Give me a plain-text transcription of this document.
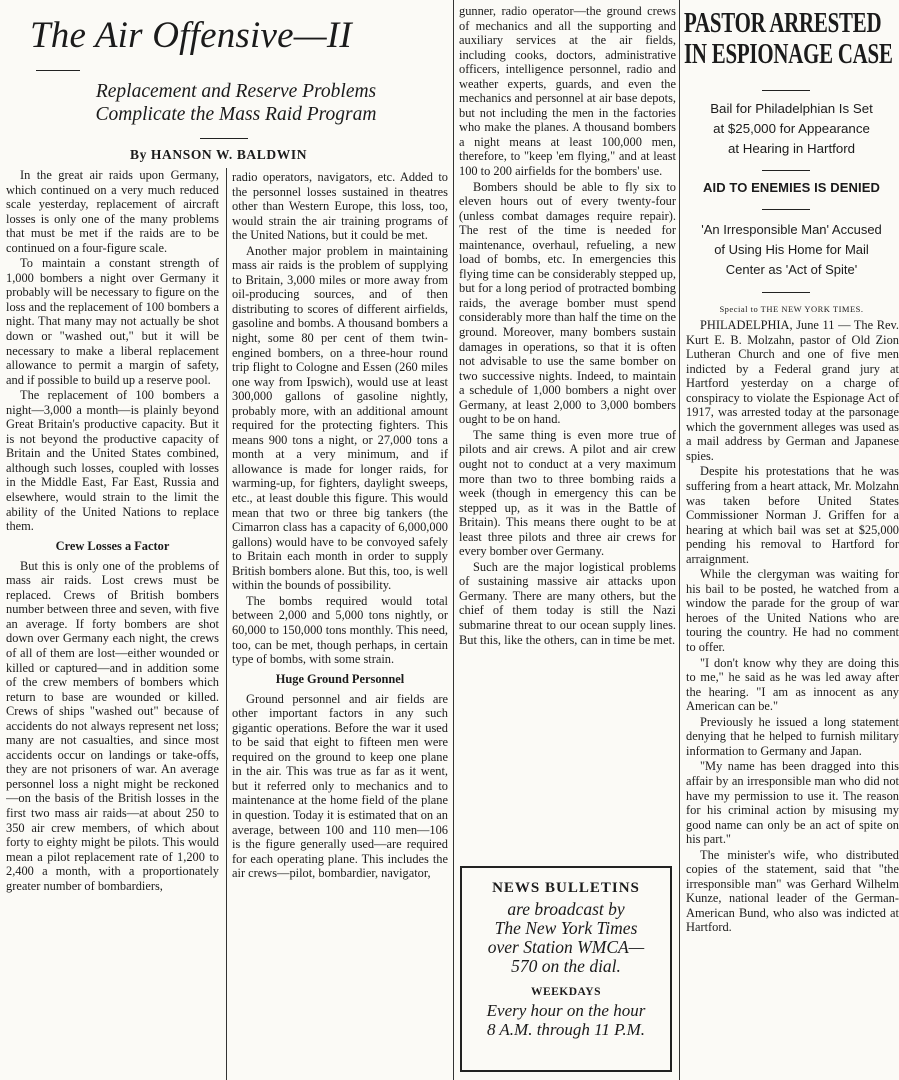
The Air Offensive—II
Replacement and Reserve Problems
Complicate the Mass Raid Program
By HANSON W. BALDWIN

In the great air raids upon Germany, which continued on a very much reduced scale yesterday, replacement of aircraft losses is only one of the many problems that must be met if the raids are to be continued on a four-figure scale.

To maintain a constant strength of 1,000 bombers a night over Germany it probably will be necessary to figure on the loss and the replacement of 100 bombers a night. That many may not actually be shot down or "washed out," but it will be necessary to make a liberal replacement allowance to permit a margin of safety, and if possible to build up a reserve pool.

The replacement of 100 bombers a night—3,000 a month—is plainly beyond Great Britain's productive capacity. But it is not beyond the productive capacity of Britain and the United States combined, although such losses, coupled with losses in the Middle East, Far East, Russia and elsewhere, would strain to the limit the ability of the United Nations to replace them.

Crew Losses a Factor

But this is only one of the problems of mass air raids. Lost crews must be replaced. Crews of British bombers number between three and seven, with five an average. If forty bombers are shot down over Germany each night, the crews of all of them are lost—either wounded or killed or captured—and in addition some of the crew members of bombers which return to base are wounded or killed. Crews of ships "washed out" because of accidents do not always represent net loss; many are not casualties, and since most accidents occur on landings or take-offs, they are not prisoners of war. An average personnel loss a night might be reckoned—on the basis of the British losses in the first two mass air raids—at about 250 to 350 air crew members, of which about forty to eighty might be pilots. This would mean a pilot replacement rate of 1,200 to 2,400 a month, with a proportionately greater number of bombardiers,

radio operators, navigators, etc. Added to the personnel losses sustained in theatres other than Western Europe, this loss, too, would strain the air training programs of the United Nations, but it could be met.

Another major problem in maintaining mass air raids is the problem of supplying to Britain, 3,000 miles or more away from oil-producing sources, and of then distributing to scores of different airfields, gasoline and bombs. A thousand bombers a night, some 80 per cent of them twin-engined bombers, on a three-hour round trip flight to Cologne and Essen (260 miles one way from Ipswich), would use at least 300,000 gallons of gasoline nightly, probably more, with an additional amount required for the protecting fighters. This means 900 tons a night, or 27,000 tons a month at a very minimum, and if allowance is made for longer raids, for warming-up, for fighters, daylight sweeps, etc., at least double this figure. This would mean that two or three big tankers (the Cimarron class has a capacity of 6,000,000 gallons) would have to be convoyed safely to Britain each month in order to supply British bombers alone. But this, too, is well within the bounds of possibility.

The bombs required would total between 2,000 and 5,000 tons nightly, or 60,000 to 150,000 tons monthly. This need, too, can be met, though perhaps, in certain type of bombs, with some strain.

Huge Ground Personnel

Ground personnel and air fields are other important factors in any such gigantic operations. Before the war it used to be said that eight to fifteen men were required on the ground to keep one plane in the air. This was true as far as it went, but it referred only to mechanics and to maintenance at the home field of the plane in question. Today it is estimated that on an average, between 100 and 110 men—106 is the figure generally used—are required for each operating plane. This includes the air crews—pilot, bombardier, navigator,

gunner, radio operator—the ground crews of mechanics and all the supporting and auxiliary services at the air fields, including cooks, doctors, administrative officers, intelligence personnel, radio and weather experts, guards, and even the mechanics and personnel at air base depots, but not including the men in the factories who make the planes. A thousand bombers a night means at least 100,000 men, therefore, to "keep 'em flying," and at least 100 to 200 airfields for the bombers' use.

Bombers should be able to fly six to eleven hours out of every twenty-four (unless combat damages require repair). The rest of the time is needed for maintenance, overhaul, refueling, a new load of bombs, etc. In emergencies this flying time can be considerably stepped up, but for a long period of protracted bombing raids, the average bomber must spend considerably more than half the time on the ground. Moreover, many bombers sustain damages in operations, so that it is often not advisable to use the same bomber on two successive nights. Indeed, to maintain a schedule of 1,000 bombers a night over Germany, at least 2,000 to 3,000 bombers ought to be on hand.

The same thing is even more true of pilots and air crews. A pilot and air crew ought not to conduct at a very maximum more than two to three bombing raids a week (though in emergency this can be stepped up, as it was in the Battle of Britain). This means there ought to be at least three pilots and three air crews for every bomber over Germany.

Such are the major logistical problems of sustaining massive air attacks upon Germany. There are many others, but the chief of them today is still the Nazi submarine threat to our ocean supply lines. But this, like the others, can in time be met.

NEWS BULLETINS
are broadcast by
The New York Times
over Station WMCA—
570 on the dial.
WEEKDAYS
Every hour on the hour
8 A.M. through 11 P.M.
PASTOR ARRESTED
IN ESPIONAGE CASE
Bail for Philadelphian Is Set
at $25,000 for Appearance
at Hearing in Hartford
AID TO ENEMIES IS DENIED
'An Irresponsible Man' Accused
of Using His Home for Mail
Center as 'Act of Spite'
Special to THE NEW YORK TIMES.

PHILADELPHIA, June 11 — The Rev. Kurt E. B. Molzahn, pastor of Old Zion Lutheran Church and one of five men indicted by a Federal grand jury at Hartford yesterday on a charge of conspiracy to violate the Espionage Act of 1917, was arrested today at the parsonage which the government alleges was used as a mail address by German and Japanese spies.

Despite his protestations that he was suffering from a heart attack, Mr. Molzahn was taken before United States Commissioner Norman J. Griffen for a hearing at which bail was set at $25,000 pending his removal to Hartford for arraignment.

While the clergyman was waiting for his bail to be posted, he watched from a window the parade for the group of war heroes of the United Nations who are touring the country. He had no comment to offer.

"I don't know why they are doing this to me," he said as he was led away after the hearing. "I am as innocent as any American can be."

Previously he issued a long statement denying that he helped to furnish military information to Germany and Japan.

"My name has been dragged into this affair by an irresponsible man who did not have my permission to use it. The reason for his criminal action by misusing my good name can only be an act of spite on his part."

The minister's wife, who distributed copies of the statement, said that "the irresponsible man" was Gerhard Wilhelm Kunze, national leader of the German-American Bund, who also was indicted at Hartford.
